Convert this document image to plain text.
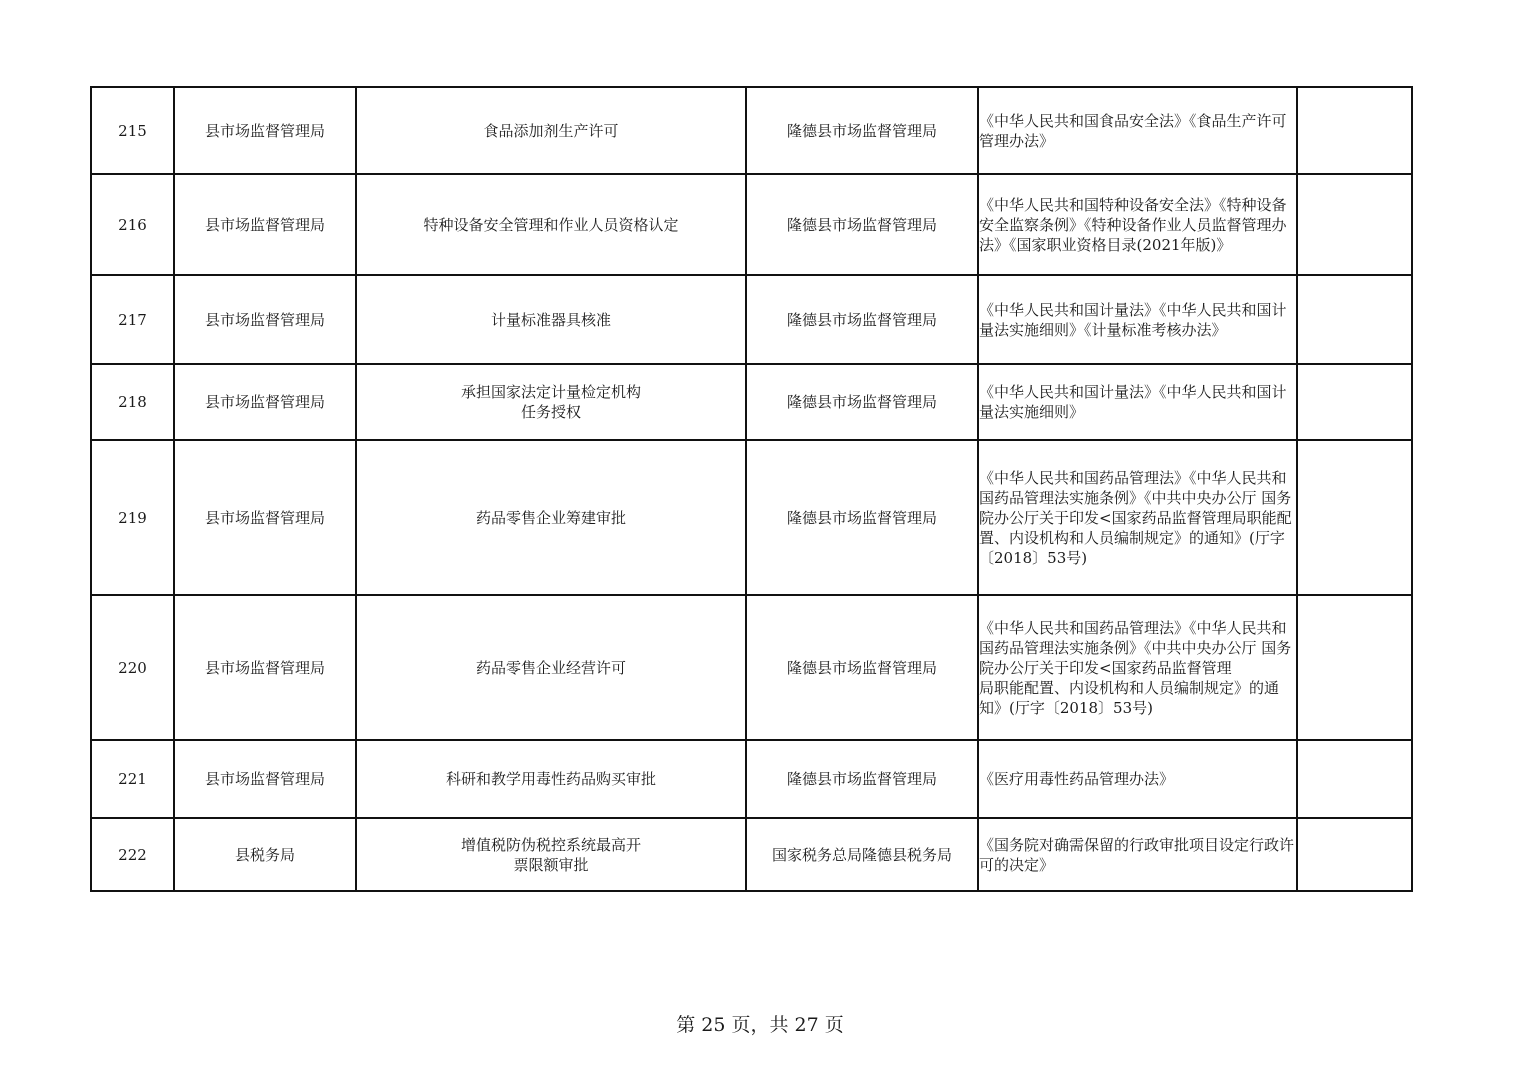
215	县市场监督管理局	食品添加剂生产许可	隆德县市场监督管理局	《中华人民共和国食品安全法》《食品生产许可管理办法》	
216	县市场监督管理局	特种设备安全管理和作业人员资格认定	隆德县市场监督管理局	《中华人民共和国特种设备安全法》《特种设备安全监察条例》《特种设备作业人员监督管理办法》《国家职业资格目录(2021年版)》	
217	县市场监督管理局	计量标准器具核准	隆德县市场监督管理局	《中华人民共和国计量法》《中华人民共和国计量法实施细则》《计量标准考核办法》	
218	县市场监督管理局	承担国家法定计量检定机构
任务授权	隆德县市场监督管理局	《中华人民共和国计量法》《中华人民共和国计量法实施细则》	
219	县市场监督管理局	药品零售企业筹建审批	隆德县市场监督管理局	《中华人民共和国药品管理法》《中华人民共和国药品管理法实施条例》《中共中央办公厅 国务院办公厅关于印发<国家药品监督管理局职能配置、内设机构和人员编制规定》的通知》(厅字〔2018〕53号)	
220	县市场监督管理局	药品零售企业经营许可	隆德县市场监督管理局	《中华人民共和国药品管理法》《中华人民共和国药品管理法实施条例》《中共中央办公厅 国务院办公厅关于印发<国家药品监督管理
局职能配置、内设机构和人员编制规定》的通知》(厅字〔2018〕53号)	
221	县市场监督管理局	科研和教学用毒性药品购买审批	隆德县市场监督管理局	《医疗用毒性药品管理办法》	
222	县税务局	增值税防伪税控系统最高开
票限额审批	国家税务总局隆德县税务局	《国务院对确需保留的行政审批项目设定行政许可的决定》	
第 25 页，共 27 页
